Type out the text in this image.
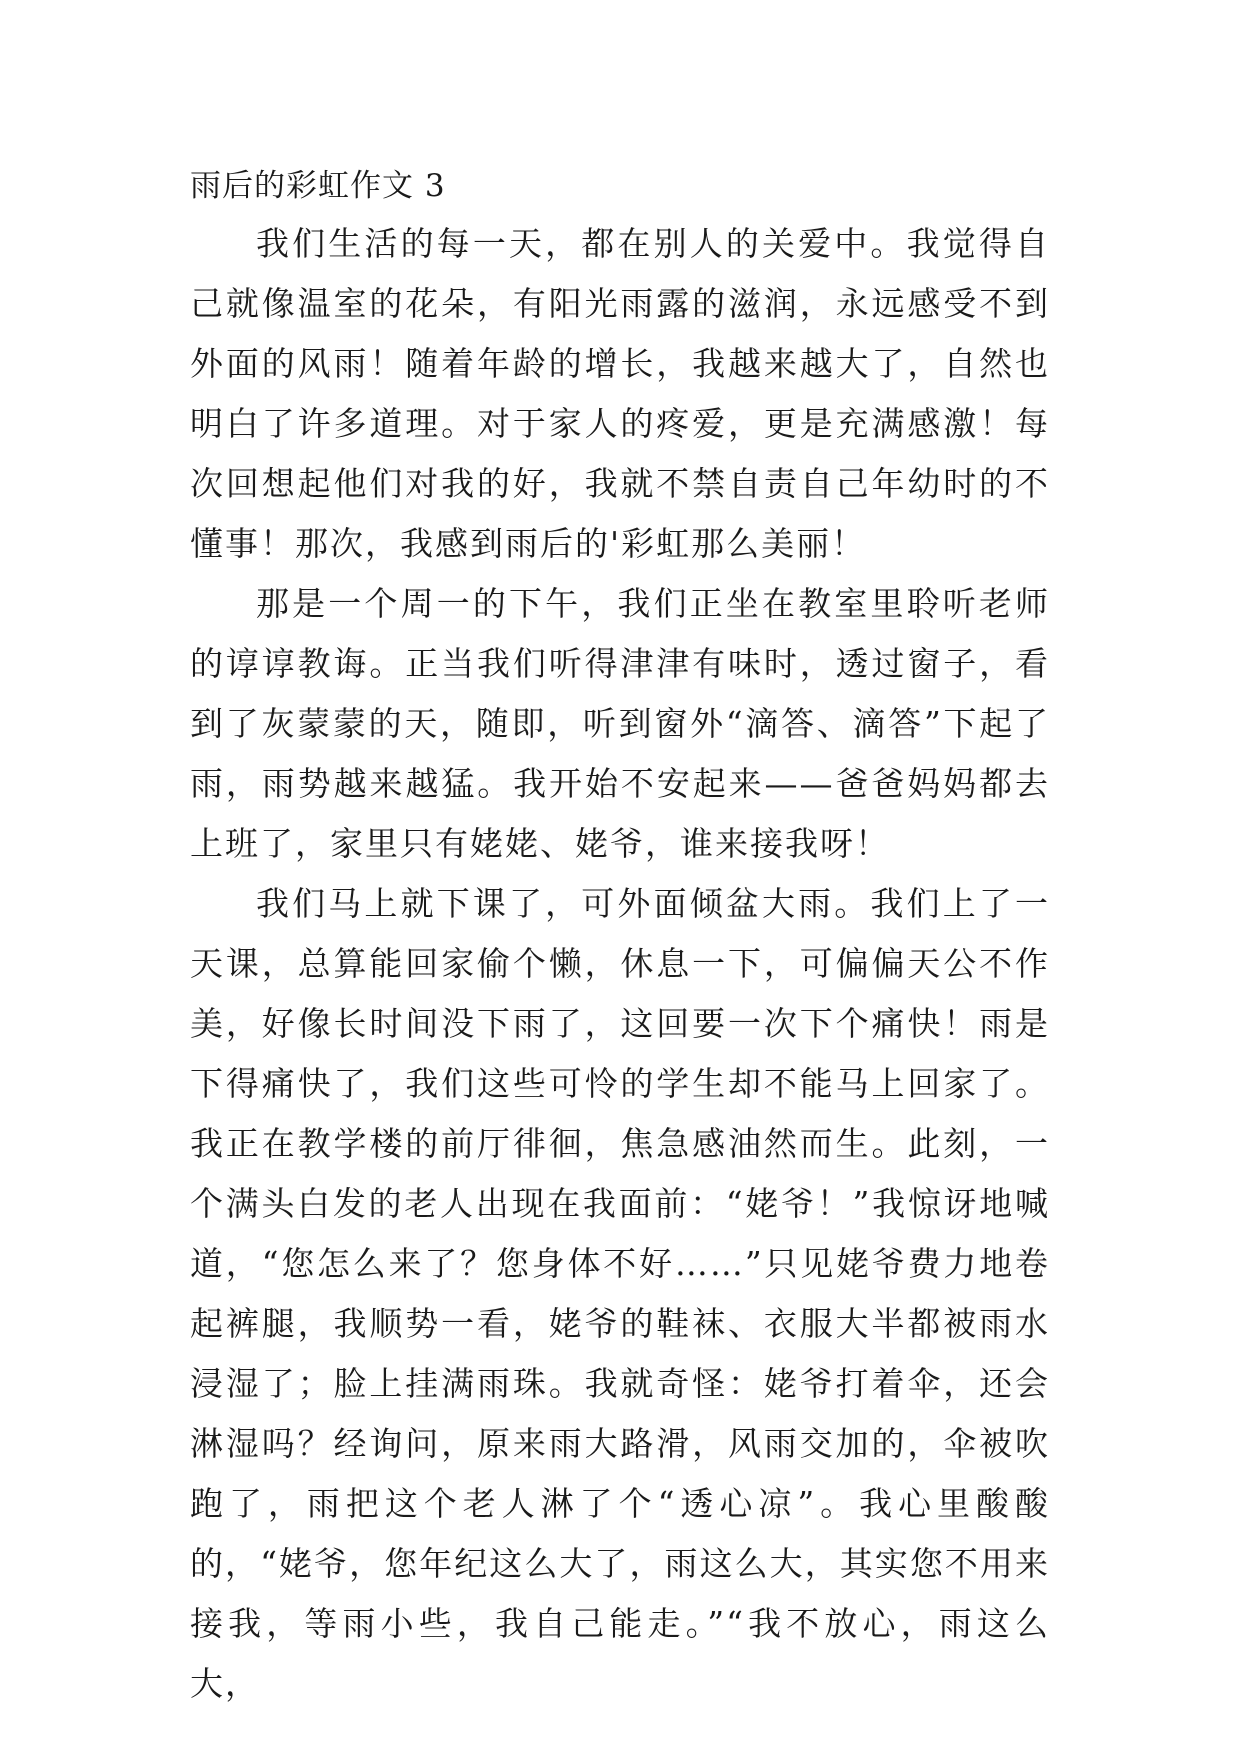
雨后的彩虹作文 3

我们生活的每一天，都在别人的关爱中。我觉得自己就像温室的花朵，有阳光雨露的滋润，永远感受不到外面的风雨！随着年龄的增长，我越来越大了，自然也明白了许多道理。对于家人的疼爱，更是充满感激！每次回想起他们对我的好，我就不禁自责自己年幼时的不懂事！那次，我感到雨后的'彩虹那么美丽！

那是一个周一的下午，我们正坐在教室里聆听老师的谆谆教诲。正当我们听得津津有味时，透过窗子，看到了灰蒙蒙的天，随即，听到窗外“滴答、滴答”下起了雨，雨势越来越猛。我开始不安起来——爸爸妈妈都去上班了，家里只有姥姥、姥爷，谁来接我呀！

我们马上就下课了，可外面倾盆大雨。我们上了一天课，总算能回家偷个懒，休息一下，可偏偏天公不作美，好像长时间没下雨了，这回要一次下个痛快！雨是下得痛快了，我们这些可怜的学生却不能马上回家了。我正在教学楼的前厅徘徊，焦急感油然而生。此刻，一个满头白发的老人出现在我面前：“姥爷！”我惊讶地喊道，“您怎么来了？您身体不好……”只见姥爷费力地卷起裤腿，我顺势一看，姥爷的鞋袜、衣服大半都被雨水浸湿了；脸上挂满雨珠。我就奇怪：姥爷打着伞，还会淋湿吗？经询问，原来雨大路滑，风雨交加的，伞被吹跑了，雨把这个老人淋了个“透心凉”。我心里酸酸的，“姥爷，您年纪这么大了，雨这么大，其实您不用来接我，等雨小些，我自己能走。”“我不放心，雨这么大，
